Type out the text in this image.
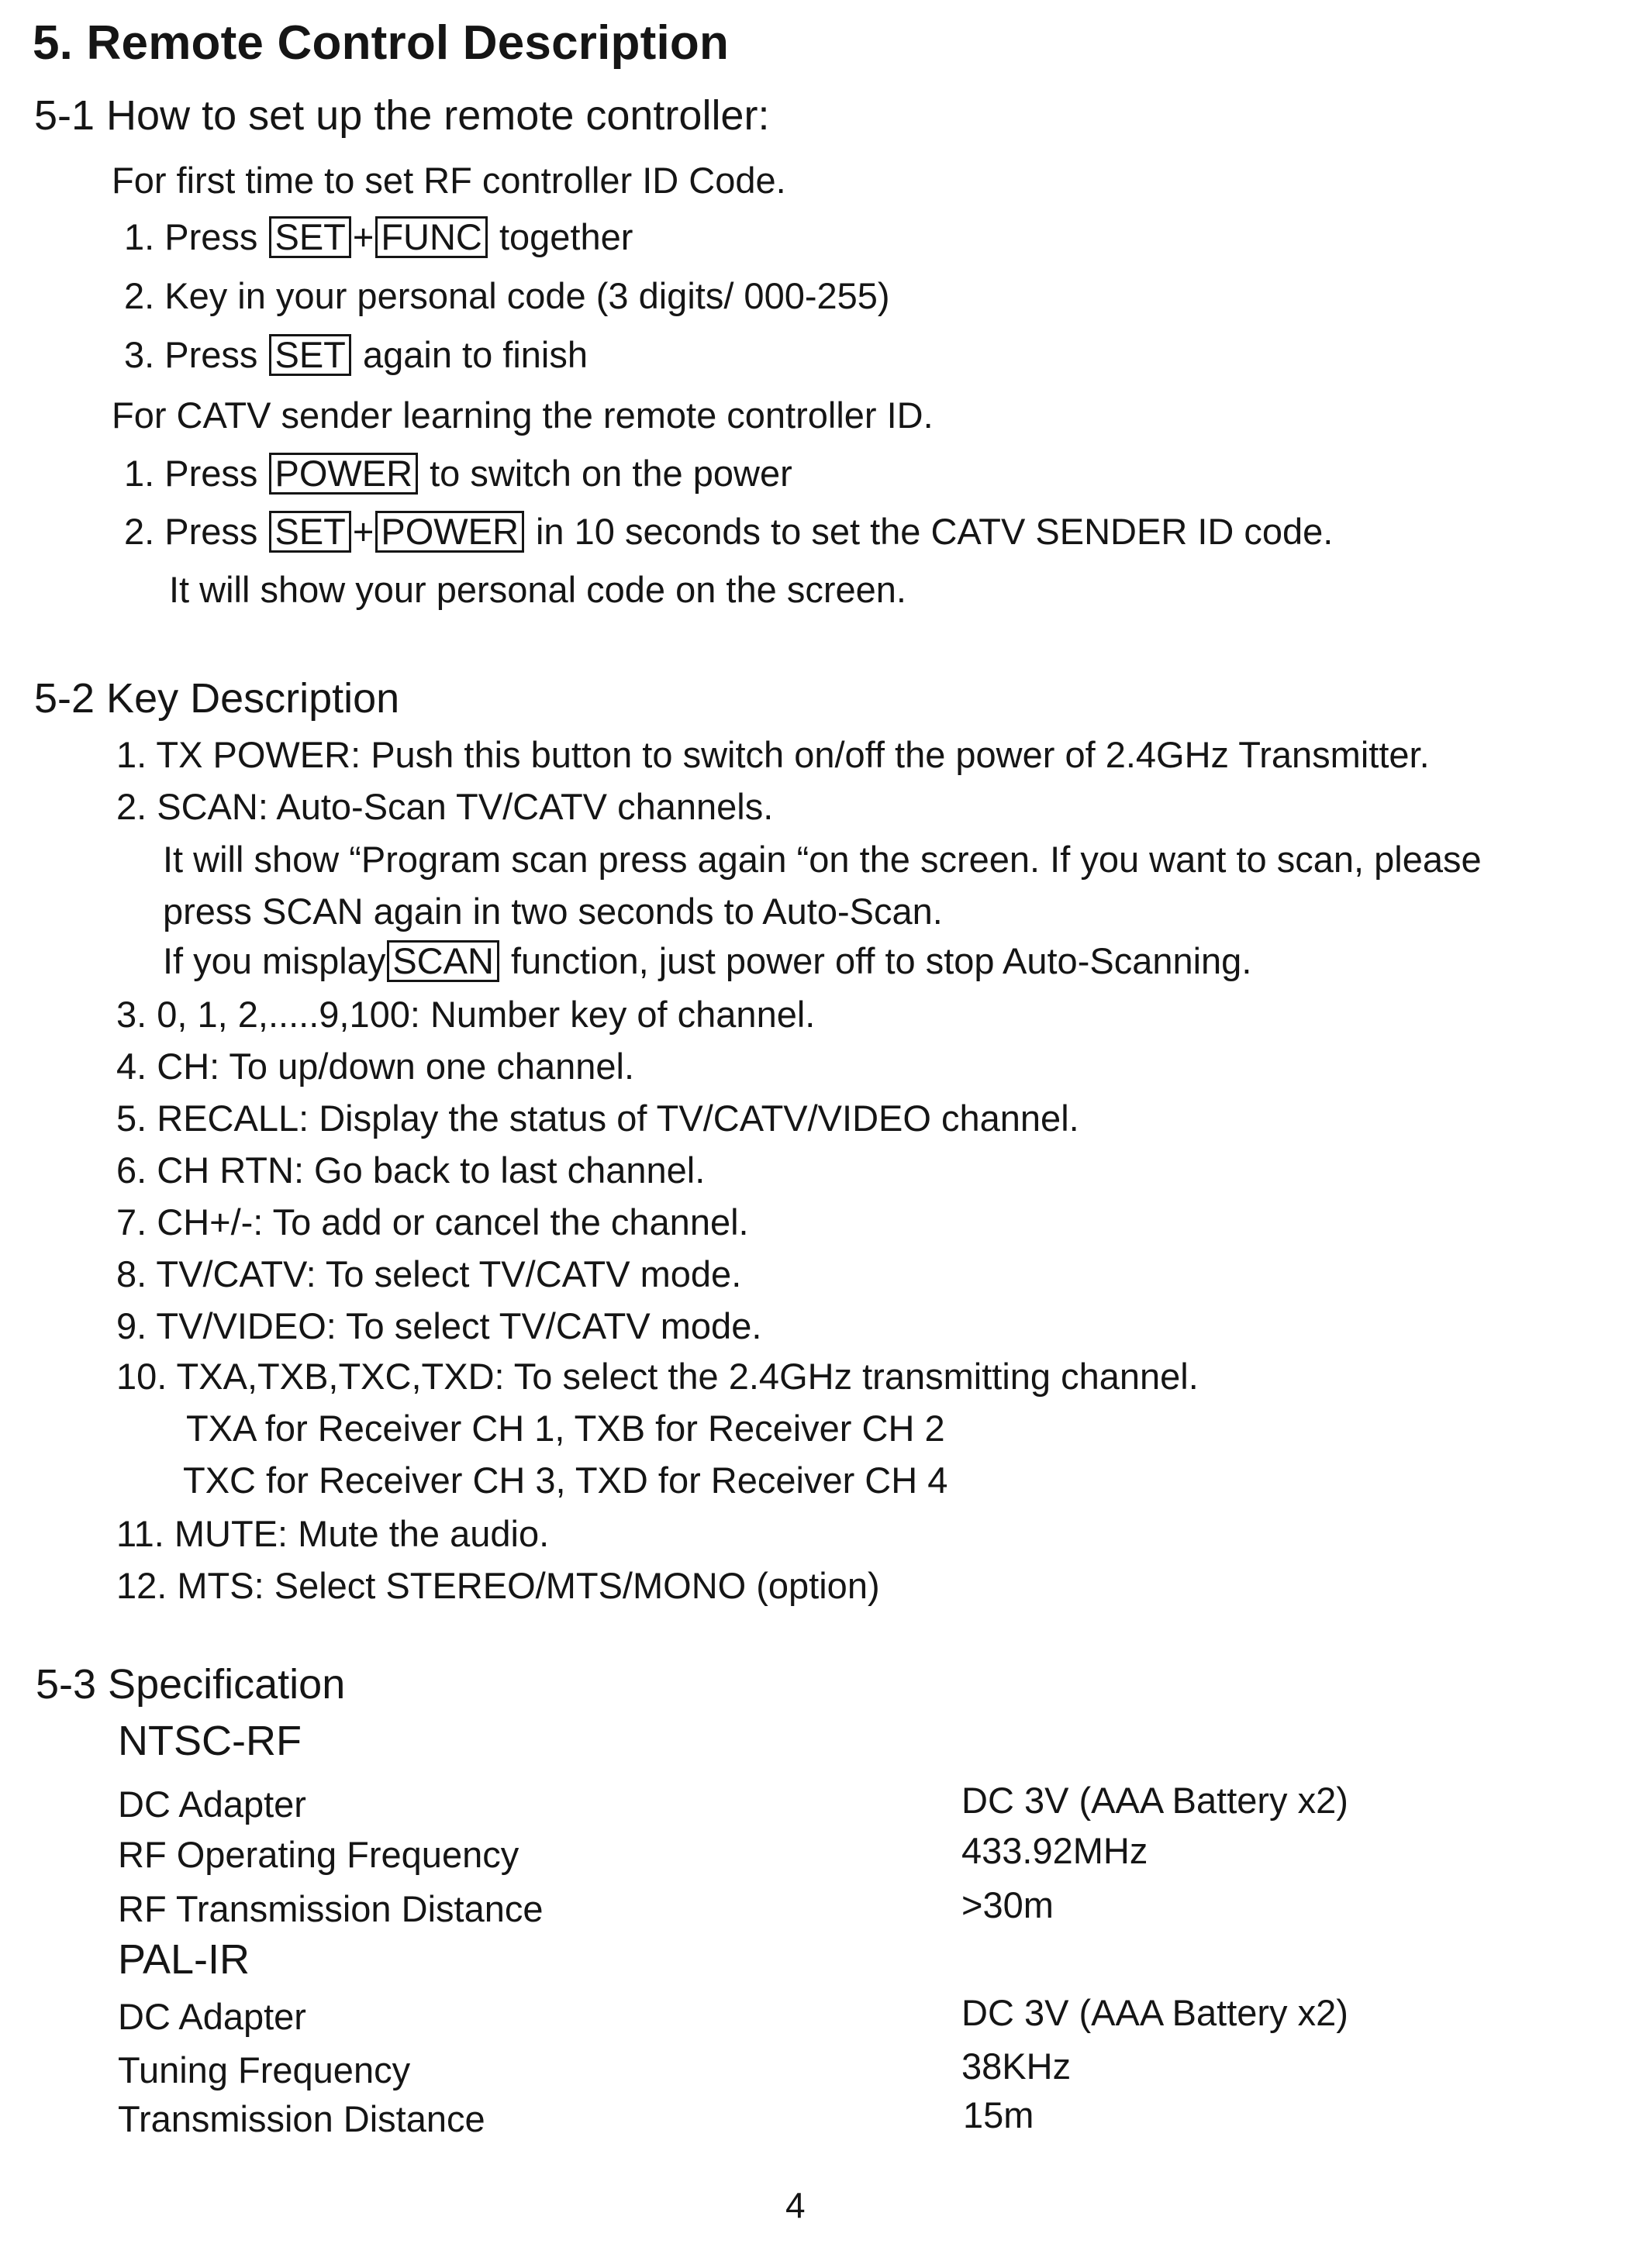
5. Remote Control Description
5-1 How to set up the remote controller:
For first time to set RF controller ID Code.
1. Press SET + FUNC together
2. Key in your personal code (3 digits/ 000-255)
3. Press SET again to finish
For CATV sender learning the remote controller ID.
1. Press POWER to switch on the power
2. Press SET + POWER in 10 seconds to set the CATV SENDER ID code.
It will show your personal code on the screen.
5-2 Key Description
1. TX POWER: Push this button to switch on/off the power of 2.4GHz Transmitter.
2. SCAN: Auto-Scan TV/CATV channels.
It will show “Program scan press again “on the screen. If you want to scan, please
press SCAN again in two seconds to Auto-Scan.
If you misplay SCAN function, just power off to stop Auto-Scanning.
3. 0, 1, 2,.....9,100: Number key of channel.
4. CH: To up/down one channel.
5. RECALL: Display the status of TV/CATV/VIDEO channel.
6. CH RTN: Go back to last channel.
7. CH+/-: To add or cancel the channel.
8. TV/CATV: To select TV/CATV mode.
9. TV/VIDEO: To select TV/CATV mode.
10. TXA,TXB,TXC,TXD: To select the 2.4GHz transmitting channel.
TXA for Receiver CH 1, TXB for Receiver CH 2
TXC for Receiver CH 3, TXD for Receiver CH 4
11. MUTE: Mute the audio.
12. MTS: Select STEREO/MTS/MONO (option)
5-3 Specification
NTSC-RF
DC Adapter	DC 3V (AAA Battery x2)
RF Operating Frequency	433.92MHz
RF Transmission Distance	>30m
PAL-IR
DC Adapter	DC 3V (AAA Battery x2)
Tuning Frequency	38KHz
Transmission Distance	15m
4
